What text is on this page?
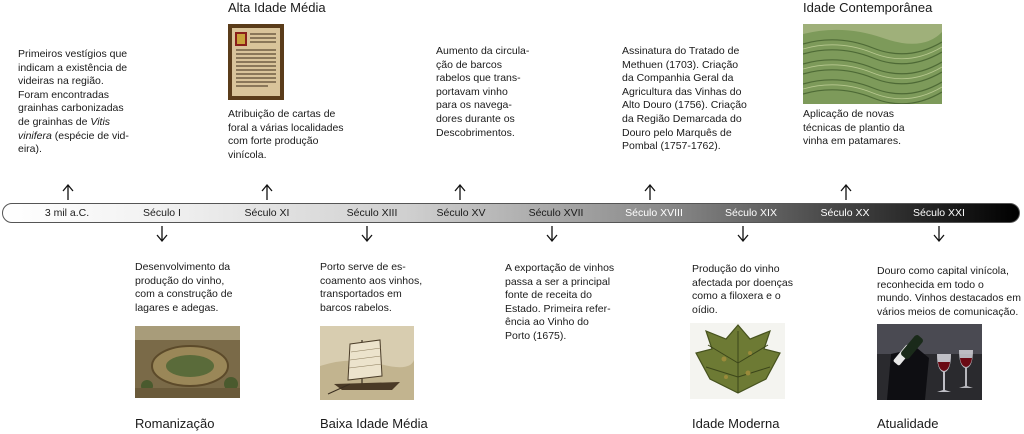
Primeiros vestígios que
indicam a existência de
videiras na região.
Foram encontradas
grainhas carbonizadas
de grainhas de Vitis
vinifera (espécie de vid-
eira).
Alta Idade Média
Atribuição de cartas de
foral a várias localidades
com forte produção
vinícola.
Aumento da circula-
ção de barcos
rabelos que trans-
portavam vinho
para os navega-
dores durante os
Descobrimentos.
Assinatura do Tratado de
Methuen (1703). Criação
da Companhia Geral da
Agricultura das Vinhas do
Alto Douro (1756). Criação
da Região Demarcada do
Douro pelo Marquês de
Pombal (1757-1762).
Idade Contemporânea
Aplicação de novas
técnicas de plantio da
vinha em patamares.
3 mil a.C.	Século I	Século XI	Século XIII	Século XV	Século XVII	Século XVIII	Século XIX	Século XX	Século XXI
Desenvolvimento da
produção do vinho,
com a construção de
lagares e adegas.
Romanização
Porto serve de es-
coamento aos vinhos,
transportados em
barcos rabelos.
Baixa Idade Média
A exportação de vinhos
passa a ser a principal
fonte de receita do
Estado. Primeira refer-
ência ao Vinho do
Porto (1675).
Produção do vinho
afectada por doenças
como a filoxera e o
oídio.
Idade Moderna
Douro como capital vinícola,
reconhecida em todo o
mundo. Vinhos destacados em
vários meios de comunicação.
Atualidade
